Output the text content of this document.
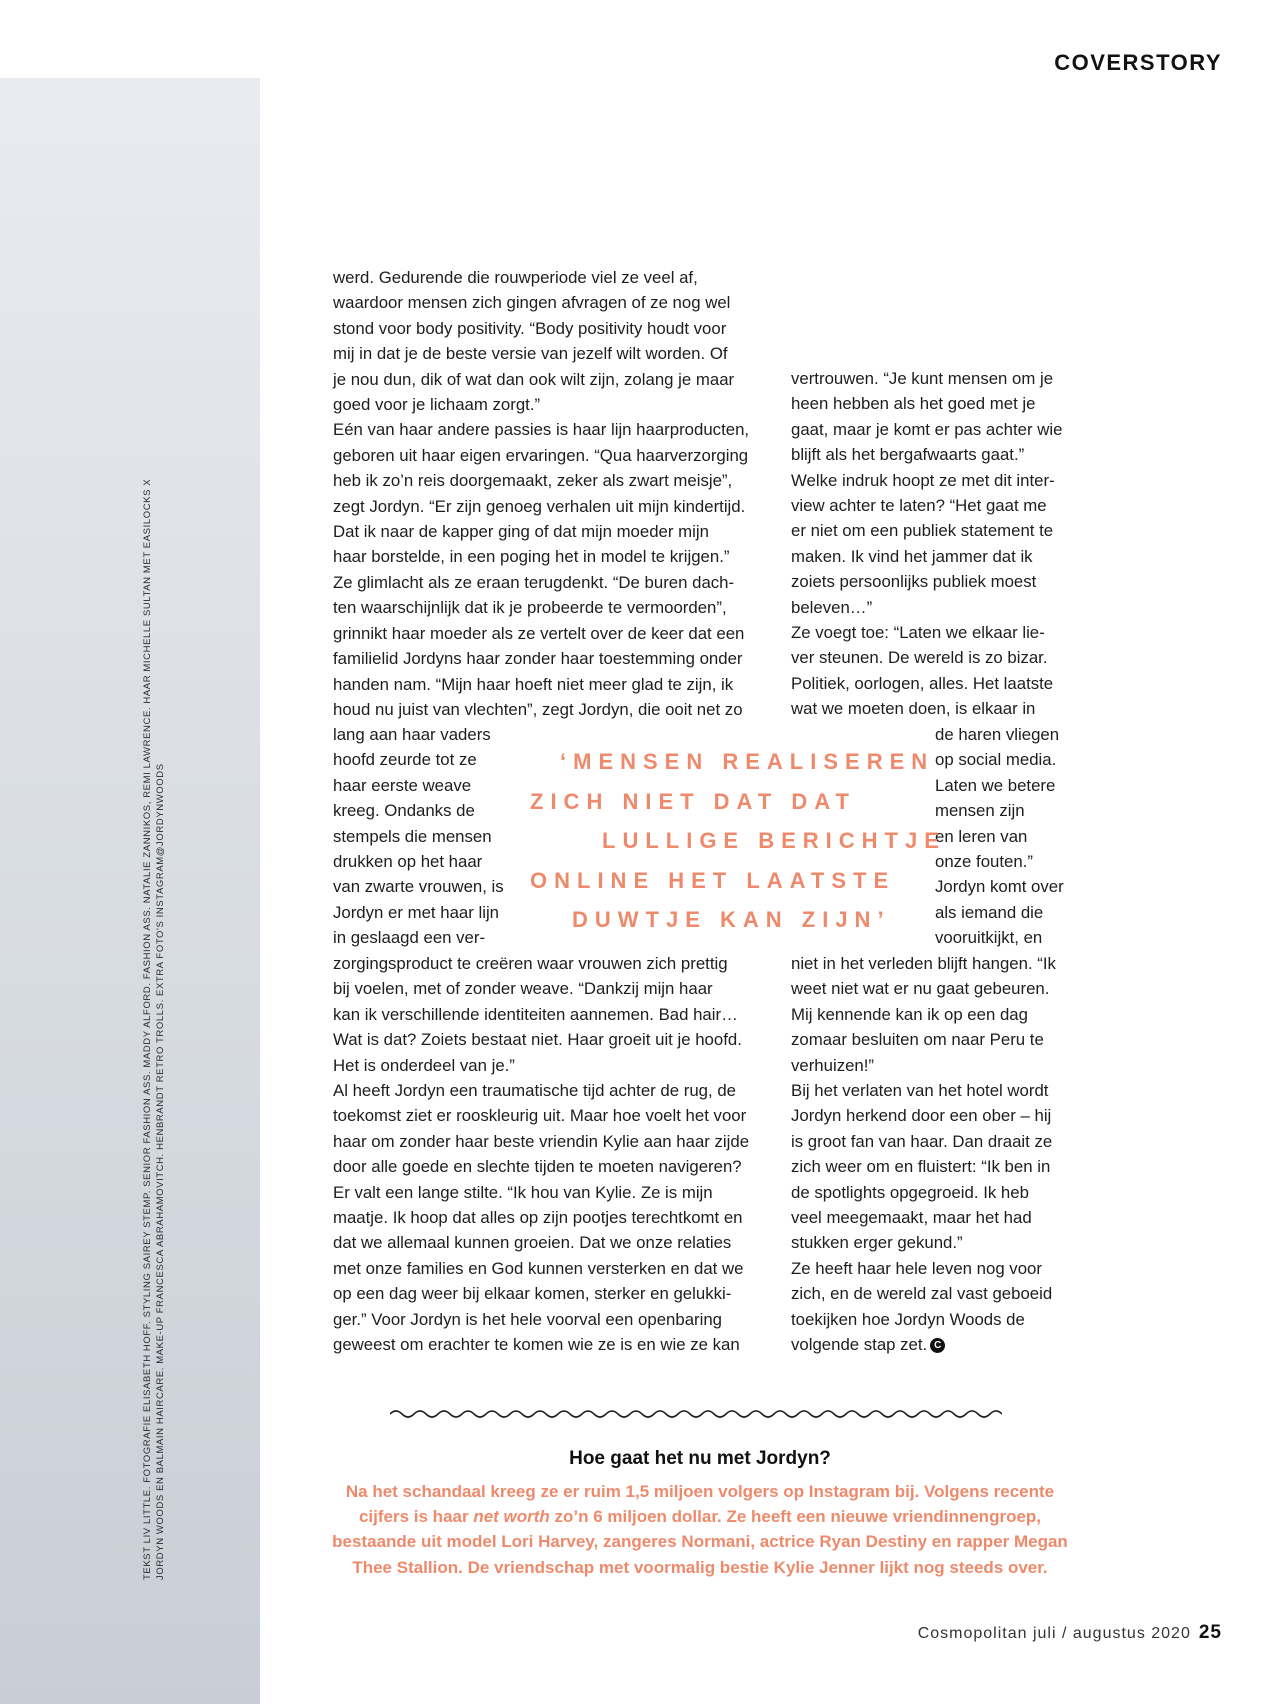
TEKST LIV LITTLE. FOTOGRAFIE ELISABETH HOFF. STYLING SAIREY STEMP. SENIOR FASHION ASS. MADDY ALFORD. FASHION ASS. NATALIE ZANNIKOS, REMI LAWRENCE. HAAR MICHELLE SULTAN MET EASILOCKS X JORDYN WOODS EN BALMAIN HAIRCARE. MAKE-UP FRANCESCA ABRAHAMOVITCH. HENBRANDT RETRO TROLLS. EXTRA FOTO'S INSTAGRAM@JORDYNWOODS
COVERSTORY
werd. Gedurende die rouwperiode viel ze veel af,
waardoor mensen zich gingen afvragen of ze nog wel
stond voor body positivity. “Body positivity houdt voor
mij in dat je de beste versie van jezelf wilt worden. Of
je nou dun, dik of wat dan ook wilt zijn, zolang je maar
goed voor je lichaam zorgt.”
Eén van haar andere passies is haar lijn haarproducten,
geboren uit haar eigen ervaringen. “Qua haarverzorging
heb ik zo’n reis doorgemaakt, zeker als zwart meisje”,
zegt Jordyn. “Er zijn genoeg verhalen uit mijn kindertijd.
Dat ik naar de kapper ging of dat mijn moeder mijn
haar borstelde, in een poging het in model te krijgen.”
Ze glimlacht als ze eraan terugdenkt. “De buren dach-
ten waarschijnlijk dat ik je probeerde te vermoorden”,
grinnikt haar moeder als ze vertelt over de keer dat een
familielid Jordyns haar zonder haar toestemming onder
handen nam. “Mijn haar hoeft niet meer glad te zijn, ik
houd nu juist van vlechten”, zegt Jordyn, die ooit net zo
lang aan haar vaders
hoofd zeurde tot ze
haar eerste weave
kreeg. Ondanks de
stempels die mensen
drukken op het haar
van zwarte vrouwen, is
Jordyn er met haar lijn
in geslaagd een ver-
zorgingsproduct te creëren waar vrouwen zich prettig
bij voelen, met of zonder weave. “Dankzij mijn haar
kan ik verschillende identiteiten aannemen. Bad hair…
Wat is dat? Zoiets bestaat niet. Haar groeit uit je hoofd.
Het is onderdeel van je.”
Al heeft Jordyn een traumatische tijd achter de rug, de
toekomst ziet er rooskleurig uit. Maar hoe voelt het voor
haar om zonder haar beste vriendin Kylie aan haar zijde
door alle goede en slechte tijden te moeten navigeren?
Er valt een lange stilte. “Ik hou van Kylie. Ze is mijn
maatje. Ik hoop dat alles op zijn pootjes terechtkomt en
dat we allemaal kunnen groeien. Dat we onze relaties
met onze families en God kunnen versterken en dat we
op een dag weer bij elkaar komen, sterker en gelukki-
ger.” Voor Jordyn is het hele voorval een openbaring
geweest om erachter te komen wie ze is en wie ze kan
vertrouwen. “Je kunt mensen om je
heen hebben als het goed met je
gaat, maar je komt er pas achter wie
blijft als het bergafwaarts gaat.”
Welke indruk hoopt ze met dit inter-
view achter te laten? “Het gaat me
er niet om een publiek statement te
maken. Ik vind het jammer dat ik
zoiets persoonlijks publiek moest
beleven…”
Ze voegt toe: “Laten we elkaar lie-
ver steunen. De wereld is zo bizar.
Politiek, oorlogen, alles. Het laatste
wat we moeten doen, is elkaar in
de haren vliegen
op social media.
Laten we betere
mensen zijn
en leren van
onze fouten.”
Jordyn komt over
als iemand die
vooruitkijkt, en
niet in het verleden blijft hangen. “Ik
weet niet wat er nu gaat gebeuren.
Mij kennende kan ik op een dag
zomaar besluiten om naar Peru te
verhuizen!”
Bij het verlaten van het hotel wordt
Jordyn herkend door een ober – hij
is groot fan van haar. Dan draait ze
zich weer om en fluistert: “Ik ben in
de spotlights opgegroeid. Ik heb
veel meegemaakt, maar het had
stukken erger gekund.”
Ze heeft haar hele leven nog voor
zich, en de wereld zal vast geboeid
toekijken hoe Jordyn Woods de
volgende stap zet. C
‘MENSEN REALISEREN
ZICH NIET DAT DAT
LULLIGE BERICHTJE
ONLINE HET LAATSTE
DUWTJE KAN ZIJN’
Hoe gaat het nu met Jordyn?
Na het schandaal kreeg ze er ruim 1,5 miljoen volgers op Instagram bij. Volgens recente
cijfers is haar net worth zo’n 6 miljoen dollar. Ze heeft een nieuwe vriendinnengroep,
bestaande uit model Lori Harvey, zangeres Normani, actrice Ryan Destiny en rapper Megan
Thee Stallion. De vriendschap met voormalig bestie Kylie Jenner lijkt nog steeds over.
Cosmopolitan juli / augustus 2020 25
